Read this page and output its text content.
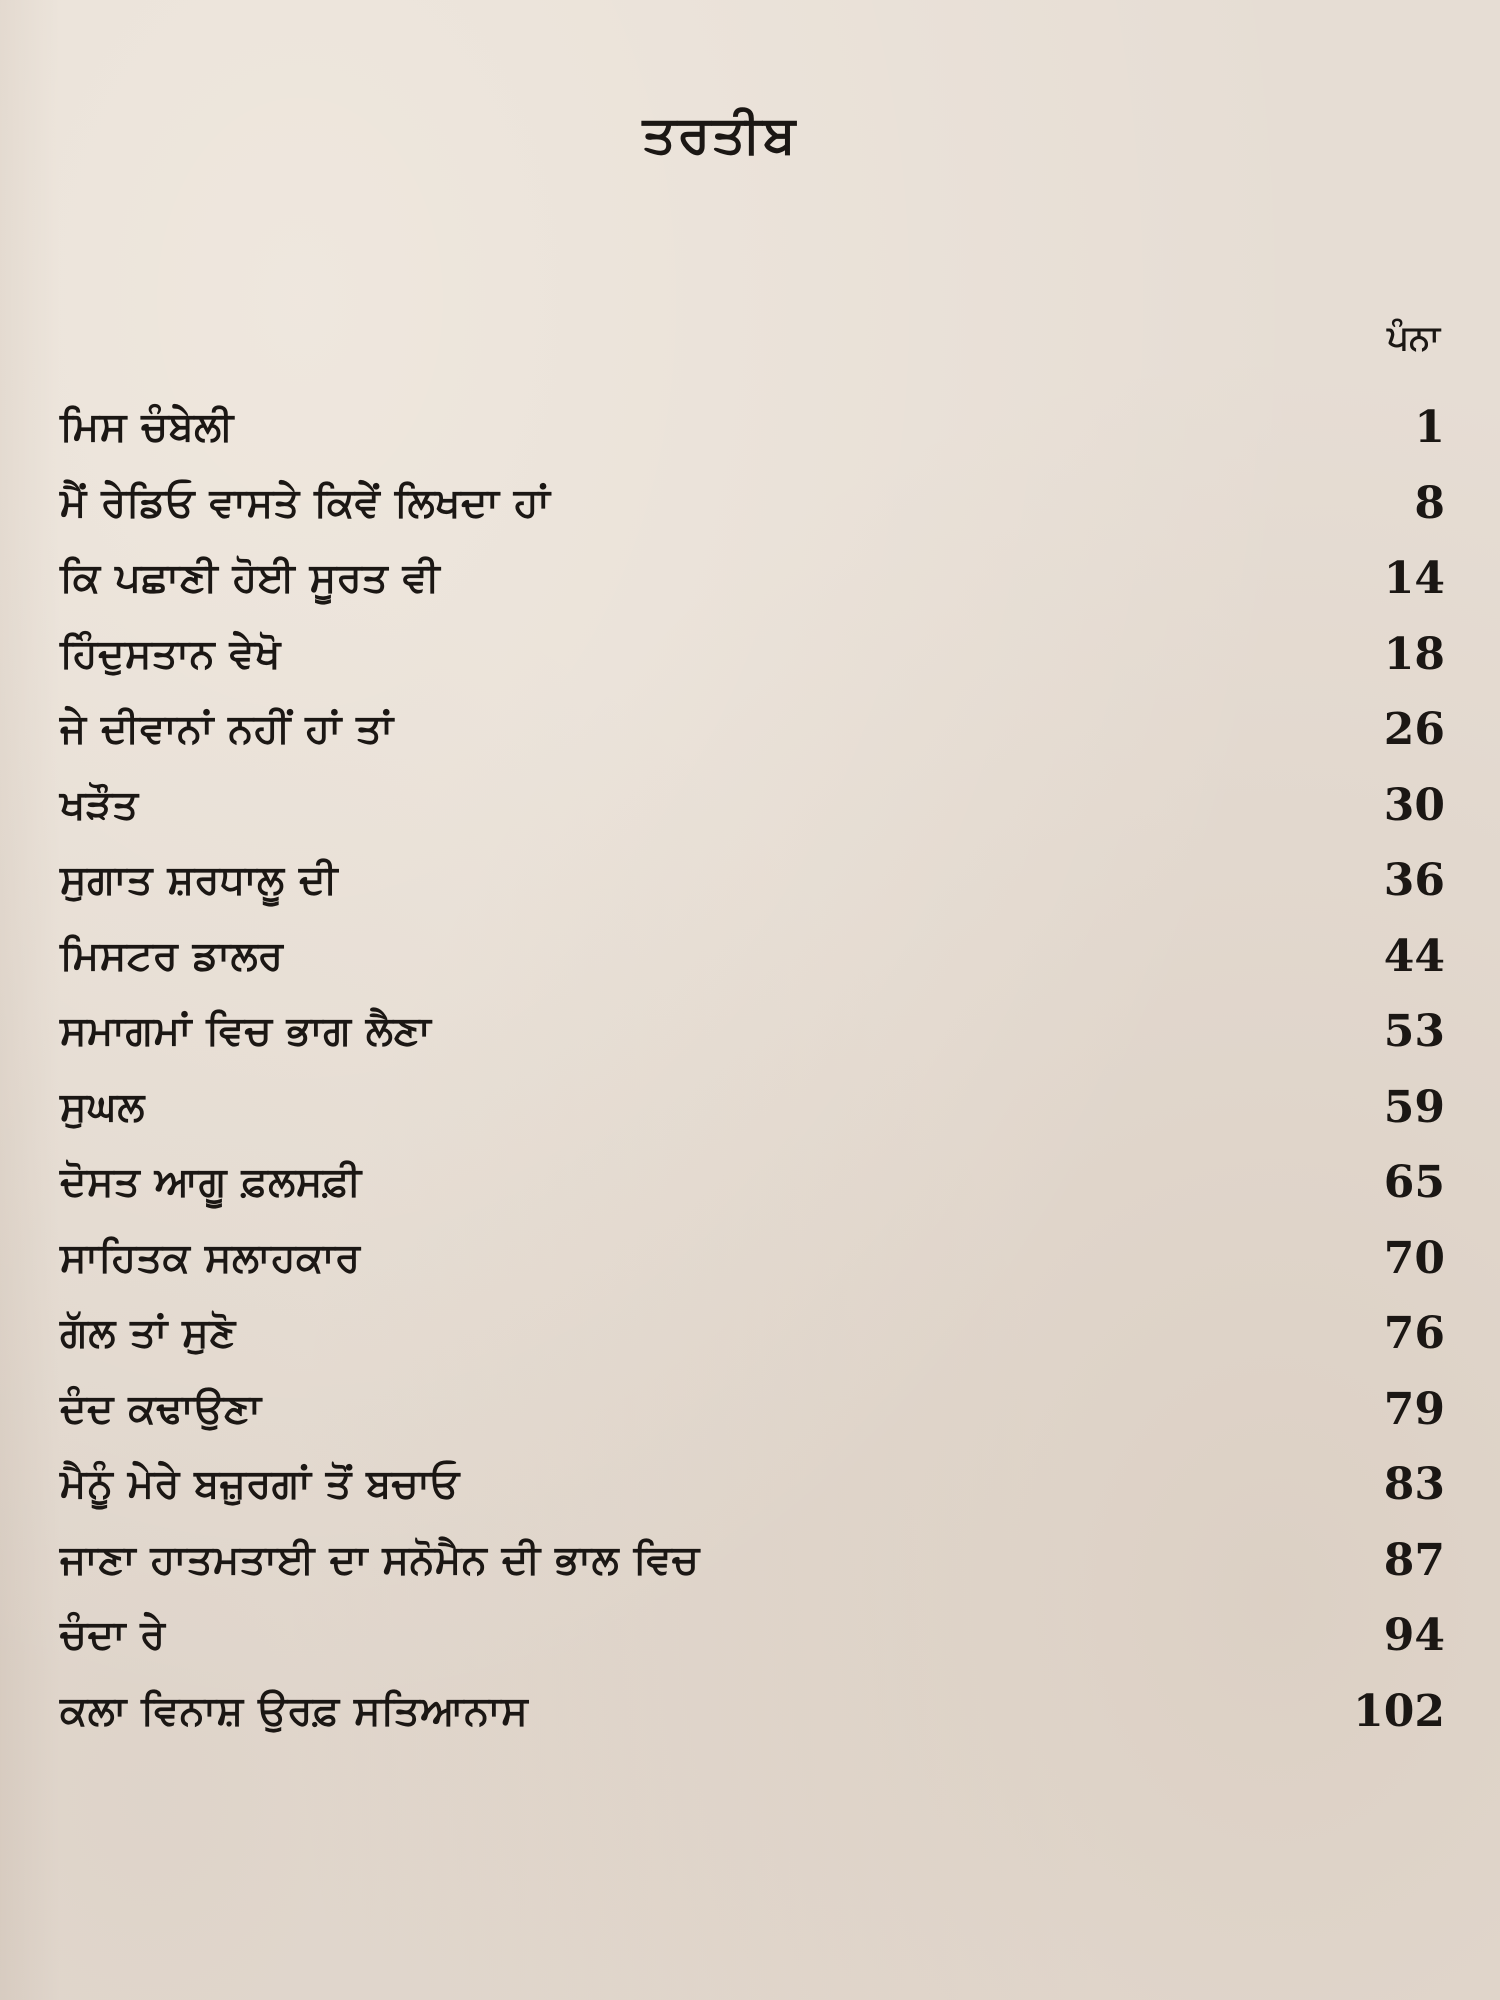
ਤਰਤੀਬ
ਪੰਨਾ
ਮਿਸ ਚੰਬੇਲੀ	1
ਮੈਂ ਰੇਡਿਓ ਵਾਸਤੇ ਕਿਵੇਂ ਲਿਖਦਾ ਹਾਂ	8
ਕਿ ਪਛਾਣੀ ਹੋਈ ਸੂਰਤ ਵੀ	14
ਹਿੰਦੁਸਤਾਨ ਵੇਖੋ	18
ਜੇ ਦੀਵਾਨਾਂ ਨਹੀਂ ਹਾਂ ਤਾਂ	26
ਖੜੌਤ	30
ਸੁਗਾਤ ਸ਼ਰਧਾਲੂ ਦੀ	36
ਮਿਸਟਰ ਡਾਲਰ	44
ਸਮਾਗਮਾਂ ਵਿਚ ਭਾਗ ਲੈਣਾ	53
ਸੁਘਲ	59
ਦੋਸਤ ਆਗੂ ਫ਼ਲਸਫ਼ੀ	65
ਸਾਹਿਤਕ ਸਲਾਹਕਾਰ	70
ਗੱਲ ਤਾਂ ਸੁਣੋ	76
ਦੰਦ ਕਢਾਉਣਾ	79
ਮੈਨੂੰ ਮੇਰੇ ਬਜ਼ੁਰਗਾਂ ਤੋਂ ਬਚਾਓ	83
ਜਾਣਾ ਹਾਤਮਤਾਈ ਦਾ ਸਨੋਮੈਨ ਦੀ ਭਾਲ ਵਿਚ	87
ਚੰਦਾ ਰੇ	94
ਕਲਾ ਵਿਨਾਸ਼ ਉਰਫ਼ ਸਤਿਆਨਾਸ	102
